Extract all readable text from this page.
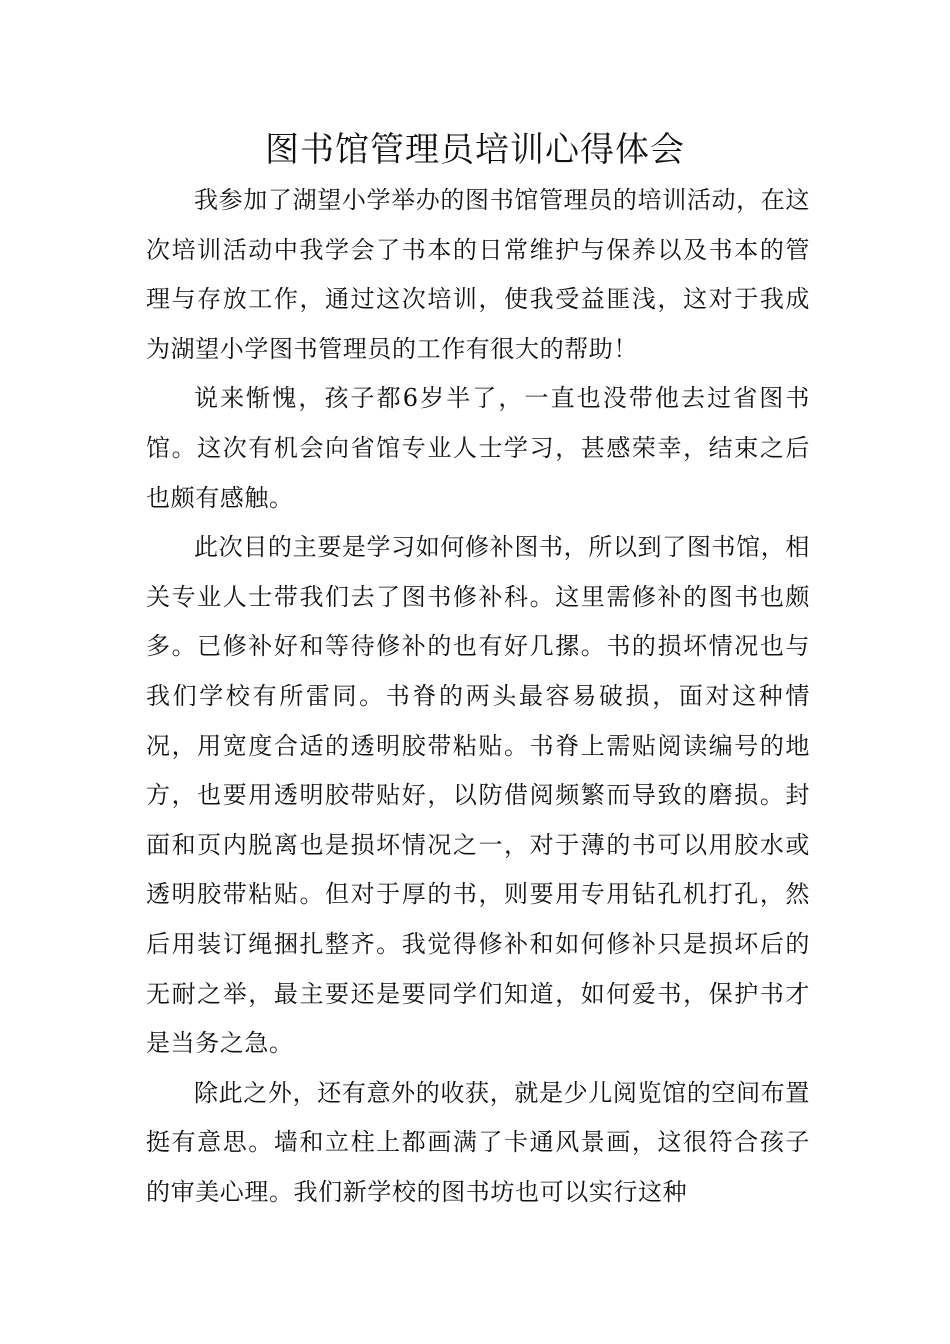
图书馆管理员培训心得体会

我参加了湖望小学举办的图书馆管理员的培训活动，在这次培训活动中我学会了书本的日常维护与保养以及书本的管理与存放工作，通过这次培训，使我受益匪浅，这对于我成为湖望小学图书管理员的工作有很大的帮助！

说来惭愧，孩子都6岁半了，一直也没带他去过省图书馆。这次有机会向省馆专业人士学习，甚感荣幸，结束之后也颇有感触。

此次目的主要是学习如何修补图书，所以到了图书馆，相关专业人士带我们去了图书修补科。这里需修补的图书也颇多。已修补好和等待修补的也有好几摞。书的损坏情况也与我们学校有所雷同。书脊的两头最容易破损，面对这种情况，用宽度合适的透明胶带粘贴。书脊上需贴阅读编号的地方，也要用透明胶带贴好，以防借阅频繁而导致的磨损。封面和页内脱离也是损坏情况之一，对于薄的书可以用胶水或透明胶带粘贴。但对于厚的书，则要用专用钻孔机打孔，然后用装订绳捆扎整齐。我觉得修补和如何修补只是损坏后的无耐之举，最主要还是要同学们知道，如何爱书，保护书才是当务之急。

除此之外，还有意外的收获，就是少儿阅览馆的空间布置挺有意思。墙和立柱上都画满了卡通风景画，这很符合孩子的审美心理。我们新学校的图书坊也可以实行这种
